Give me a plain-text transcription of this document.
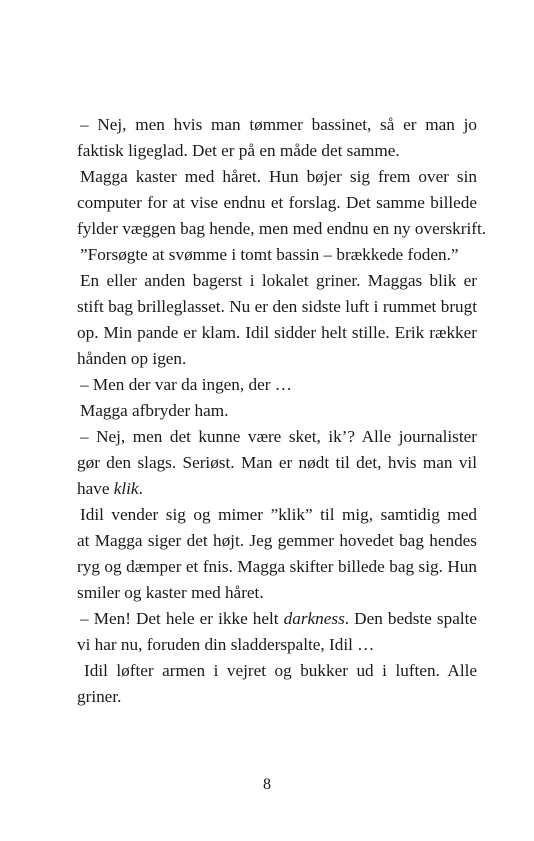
– Nej, men hvis man tømmer bassinet, så er man jo
faktisk ligeglad. Det er på en måde det samme.
Magga kaster med håret. Hun bøjer sig frem over sin
computer for at vise endnu et forslag. Det samme billede
fylder væggen bag hende, men med endnu en ny overskrift.
”Forsøgte at svømme i tomt bassin – brækkede foden.”
En eller anden bagerst i lokalet griner. Maggas blik er
stift bag brilleglasset. Nu er den sidste luft i rummet brugt
op. Min pande er klam. Idil sidder helt stille. Erik rækker
hånden op igen.
– Men der var da ingen, der …
Magga afbryder ham.
– Nej, men det kunne være sket, ik’? Alle journalister
gør den slags. Seriøst. Man er nødt til det, hvis man vil
have klik.
Idil vender sig og mimer ”klik” til mig, samtidig med
at Magga siger det højt. Jeg gemmer hovedet bag hendes
ryg og dæmper et fnis. Magga skifter billede bag sig. Hun
smiler og kaster med håret.
– Men! Det hele er ikke helt darkness. Den bedste spalte
vi har nu, foruden din sladderspalte, Idil …
Idil løfter armen i vejret og bukker ud i luften. Alle
griner.
8
